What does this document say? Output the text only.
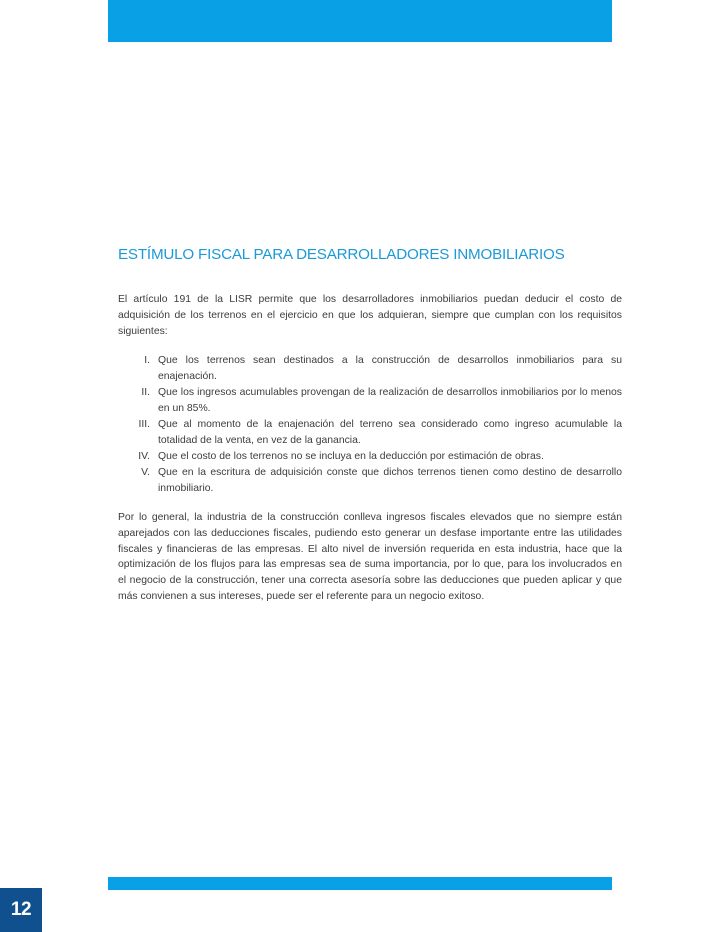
ESTÍMULO FISCAL PARA DESARROLLADORES INMOBILIARIOS

El artículo 191 de la LISR permite que los desarrolladores inmobiliarios puedan deducir el costo de adquisición de los terrenos en el ejercicio en que los adquieran, siempre que cumplan con los requisitos siguientes:

I. Que los terrenos sean destinados a la construcción de desarrollos inmobiliarios para su enajenación.
II. Que los ingresos acumulables provengan de la realización de desarrollos inmobiliarios por lo menos en un 85%.
III. Que al momento de la enajenación del terreno sea considerado como ingreso acumulable la totalidad de la venta, en vez de la ganancia.
IV. Que el costo de los terrenos no se incluya en la deducción por estimación de obras.
V. Que en la escritura de adquisición conste que dichos terrenos tienen como destino de desarrollo inmobiliario.

Por lo general, la industria de la construcción conlleva ingresos fiscales elevados que no siempre están aparejados con las deducciones fiscales, pudiendo esto generar un desfase importante entre las utilidades fiscales y financieras de las empresas. El alto nivel de inversión requerida en esta industria, hace que la optimización de los flujos para las empresas sea de suma importancia, por lo que, para los involucrados en el negocio de la construcción, tener una correcta asesoría sobre las deducciones que pueden aplicar y que más convienen a sus intereses, puede ser el referente para un negocio exitoso.

12
